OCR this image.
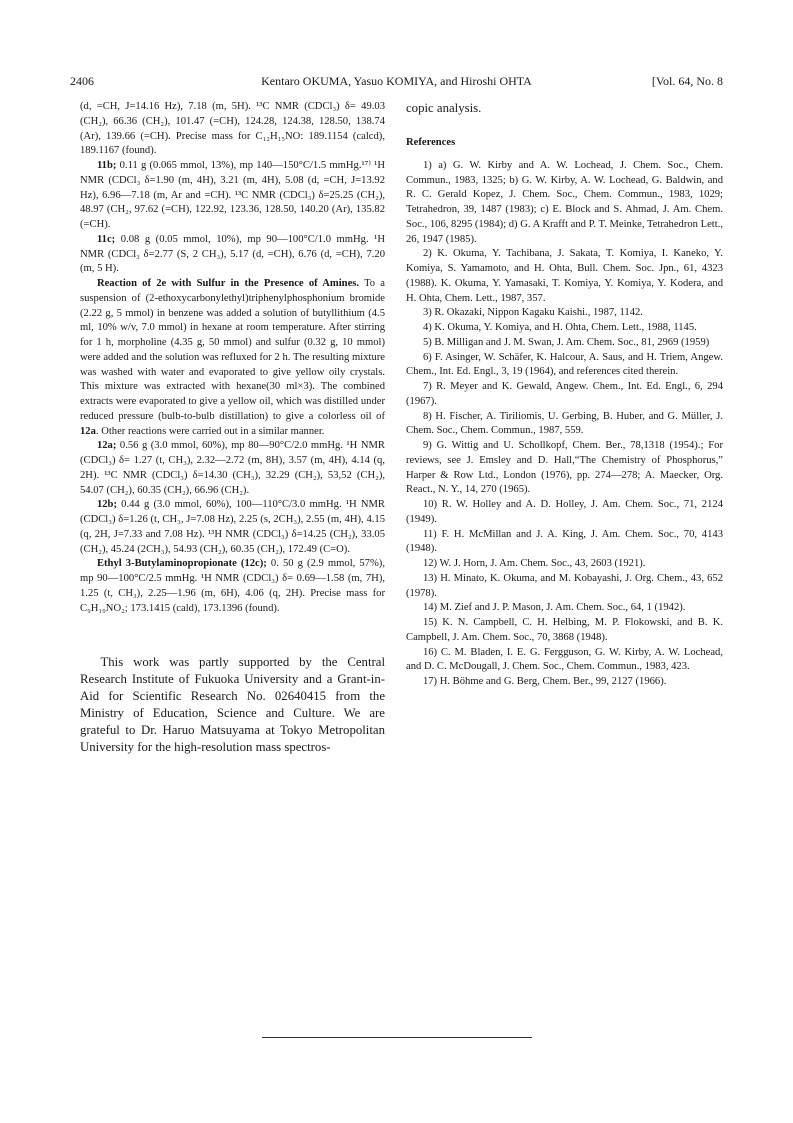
2406	Kentaro OKUMA, Yasuo KOMIYA, and Hiroshi OHTA	[Vol. 64, No. 8

(d, =CH, J=14.16 Hz), 7.18 (m, 5H). ¹³C NMR (CDCl₃) δ= 49.03 (CH₂), 66.36 (CH₂), 101.47 (=CH), 124.28, 124.38, 128.50, 138.74 (Ar), 139.66 (=CH). Precise mass for C₁₂H₁₅NO: 189.1154 (calcd), 189.1167 (found).

11b; 0.11 g (0.065 mmol, 13%), mp 140—150°C/1.5 mmHg.¹⁷⁾ ¹H NMR (CDCl₃ δ=1.90 (m, 4H), 3.21 (m, 4H), 5.08 (d, =CH, J=13.92 Hz), 6.96—7.18 (m, Ar and =CH). ¹³C NMR (CDCl₃) δ=25.25 (CH₂), 48.97 (CH₂, 97.62 (=CH), 122.92, 123.36, 128.50, 140.20 (Ar), 135.82 (=CH).

11c; 0.08 g (0.05 mmol, 10%), mp 90—100°C/1.0 mmHg. ¹H NMR (CDCl₃ δ=2.77 (S, 2 CH₃), 5.17 (d, =CH), 6.76 (d, =CH), 7.20 (m, 5 H).

Reaction of 2e with Sulfur in the Presence of Amines. To a suspension of (2-ethoxycarbonylethyl)triphenylphosphonium bromide (2.22 g, 5 mmol) in benzene was added a solution of butyllithium (4.5 ml, 10% w/v, 7.0 mmol) in hexane at room temperature. After stirring for 1 h, morpholine (4.35 g, 50 mmol) and sulfur (0.32 g, 10 mmol) were added and the solution was refluxed for 2 h. The resulting mixture was washed with water and evaporated to give yellow oily crystals. This mixture was extracted with hexane(30 ml×3). The combined extracts were evaporated to give a yellow oil, which was distilled under reduced pressure (bulb-to-bulb distillation) to give a colorless oil of 12a. Other reactions were carried out in a similar manner.

12a; 0.56 g (3.0 mmol, 60%), mp 80—90°C/2.0 mmHg. ¹H NMR (CDCl₃) δ= 1.27 (t, CH₃), 2.32—2.72 (m, 8H), 3.57 (m, 4H), 4.14 (q, 2H). ¹³C NMR (CDCl₃) δ=14.30 (CH₃), 32.29 (CH₂), 53,52 (CH₂), 54.07 (CH₂), 60.35 (CH₂), 66.96 (CH₂).

12b; 0.44 g (3.0 mmol, 60%), 100—110°C/3.0 mmHg. ¹H NMR (CDCl₃) δ=1.26 (t, CH₃, J=7.08 Hz), 2.25 (s, 2CH₃), 2.55 (m, 4H), 4.15 (q, 2H, J=7.33 and 7.08 Hz). ¹³H NMR (CDCl₃) δ=14.25 (CH₂), 33.05 (CH₂), 45.24 (2CH₃), 54.93 (CH₂), 60.35 (CH₂), 172.49 (C=O).

Ethyl 3-Butylaminopropionate (12c); 0. 50 g (2.9 mmol, 57%), mp 90—100°C/2.5 mmHg. ¹H NMR (CDCl₃) δ= 0.69—1.58 (m, 7H), 1.25 (t, CH₃), 2.25—1.96 (m, 6H), 4.06 (q, 2H). Precise mass for C₉H₁₉NO₂; 173.1415 (cald), 173.1396 (found).

This work was partly supported by the Central Research Institute of Fukuoka University and a Grant-in-Aid for Scientific Research No. 02640415 from the Ministry of Education, Science and Culture. We are grateful to Dr. Haruo Matsuyama at Tokyo Metropolitan University for the high-resolution mass spectros-

copic analysis.

References

1) a) G. W. Kirby and A. W. Lochead, J. Chem. Soc., Chem. Commun., 1983, 1325; b) G. W. Kirby, A. W. Lochead, G. Baldwin, and R. C. Gerald Kopez, J. Chem. Soc., Chem. Commun., 1983, 1029; Tetrahedron, 39, 1487 (1983); c) E. Block and S. Ahmad, J. Am. Chem. Soc., 106, 8295 (1984); d) G. A Krafft and P. T. Meinke, Tetrahedron Lett., 26, 1947 (1985).

2) K. Okuma, Y. Tachibana, J. Sakata, T. Komiya, I. Kaneko, Y. Komiya, S. Yamamoto, and H. Ohta, Bull. Chem. Soc. Jpn., 61, 4323 (1988). K. Okuma, Y. Yamasaki, T. Komiya, Y. Komiya, Y. Kodera, and H. Ohta, Chem. Lett., 1987, 357.

3) R. Okazaki, Nippon Kagaku Kaishi., 1987, 1142.

4) K. Okuma, Y. Komiya, and H. Ohta, Chem. Lett., 1988, 1145.

5) B. Milligan and J. M. Swan, J. Am. Chem. Soc., 81, 2969 (1959)

6) F. Asinger, W. Schäfer, K. Halcour, A. Saus, and H. Triem, Angew. Chem., Int. Ed. Engl., 3, 19 (1964), and references cited therein.

7) R. Meyer and K. Gewald, Angew. Chem., Int. Ed. Engl., 6, 294 (1967).

8) H. Fischer, A. Tiriliomis, U. Gerbing, B. Huber, and G. Müller, J. Chem. Soc., Chem. Commun., 1987, 559.

9) G. Wittig and U. Schollkopf, Chem. Ber., 78,1318 (1954).; For reviews, see J. Emsley and D. Hall,“The Chemistry of Phosphorus,” Harper & Row Ltd., London (1976), pp. 274—278; A. Maecker, Org. React., N. Y., 14, 270 (1965).

10) R. W. Holley and A. D. Holley, J. Am. Chem. Soc., 71, 2124 (1949).

11) F. H. McMillan and J. A. King, J. Am. Chem. Soc., 70, 4143 (1948).

12) W. J. Horn, J. Am. Chem. Soc., 43, 2603 (1921).

13) H. Minato, K. Okuma, and M. Kobayashi, J. Org. Chem., 43, 652 (1978).

14) M. Zief and J. P. Mason, J. Am. Chem. Soc., 64, 1 (1942).

15) K. N. Campbell, C. H. Helbing, M. P. Flokowski, and B. K. Campbell, J. Am. Chem. Soc., 70, 3868 (1948).

16) C. M. Bladen, I. E. G. Fergguson, G. W. Kirby, A. W. Lochead, and D. C. McDougall, J. Chem. Soc., Chem. Commun., 1983, 423.

17) H. Böhme and G. Berg, Chem. Ber., 99, 2127 (1966).
